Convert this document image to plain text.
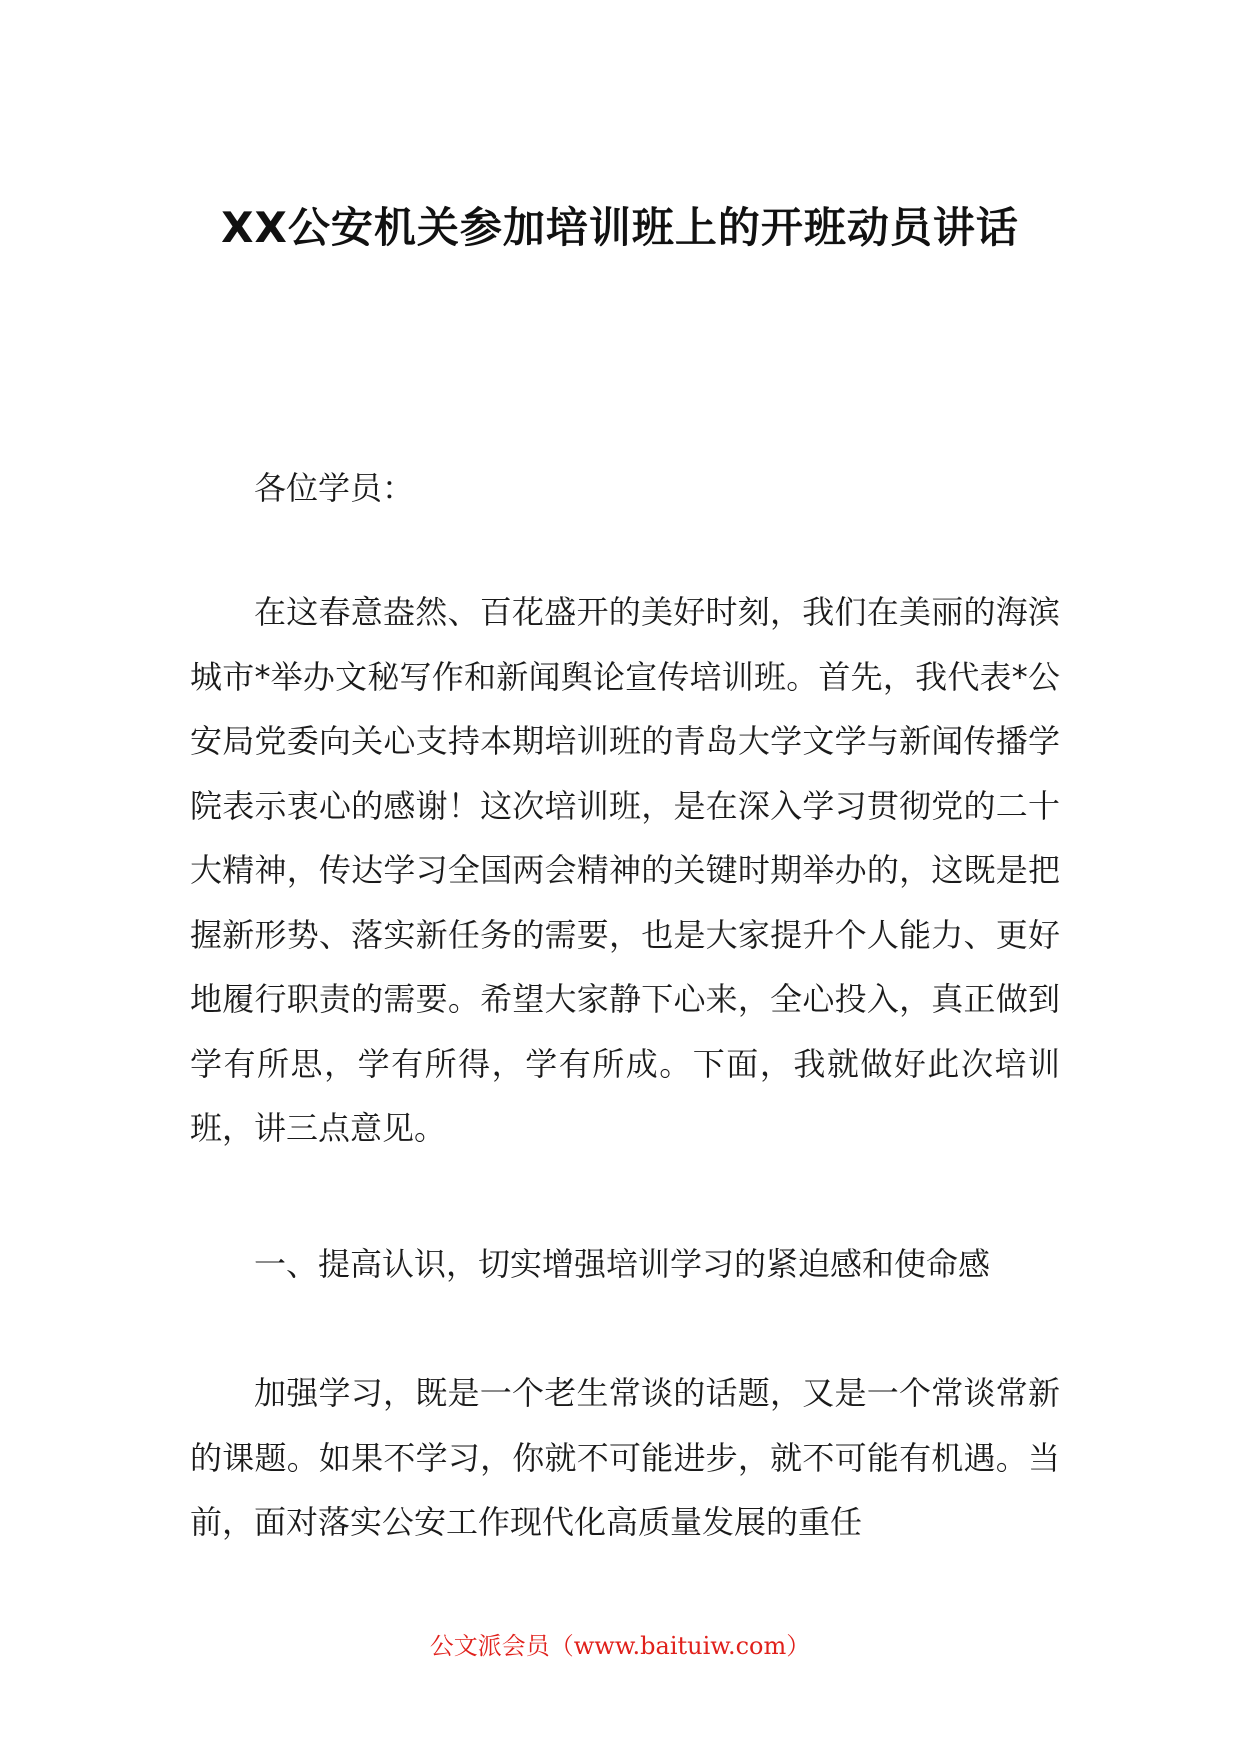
XX公安机关参加培训班上的开班动员讲话

各位学员：

在这春意盎然、百花盛开的美好时刻，我们在美丽的海滨城市*举办文秘写作和新闻舆论宣传培训班。首先，我代表*公安局党委向关心支持本期培训班的青岛大学文学与新闻传播学院表示衷心的感谢！这次培训班，是在深入学习贯彻党的二十大精神，传达学习全国两会精神的关键时期举办的，这既是把握新形势、落实新任务的需要，也是大家提升个人能力、更好地履行职责的需要。希望大家静下心来，全心投入，真正做到学有所思，学有所得，学有所成。下面，我就做好此次培训班，讲三点意见。

一、提高认识，切实增强培训学习的紧迫感和使命感

加强学习，既是一个老生常谈的话题，又是一个常谈常新的课题。如果不学习，你就不可能进步，就不可能有机遇。当前，面对落实公安工作现代化高质量发展的重任

公文派会员（www.baituiw.com）
